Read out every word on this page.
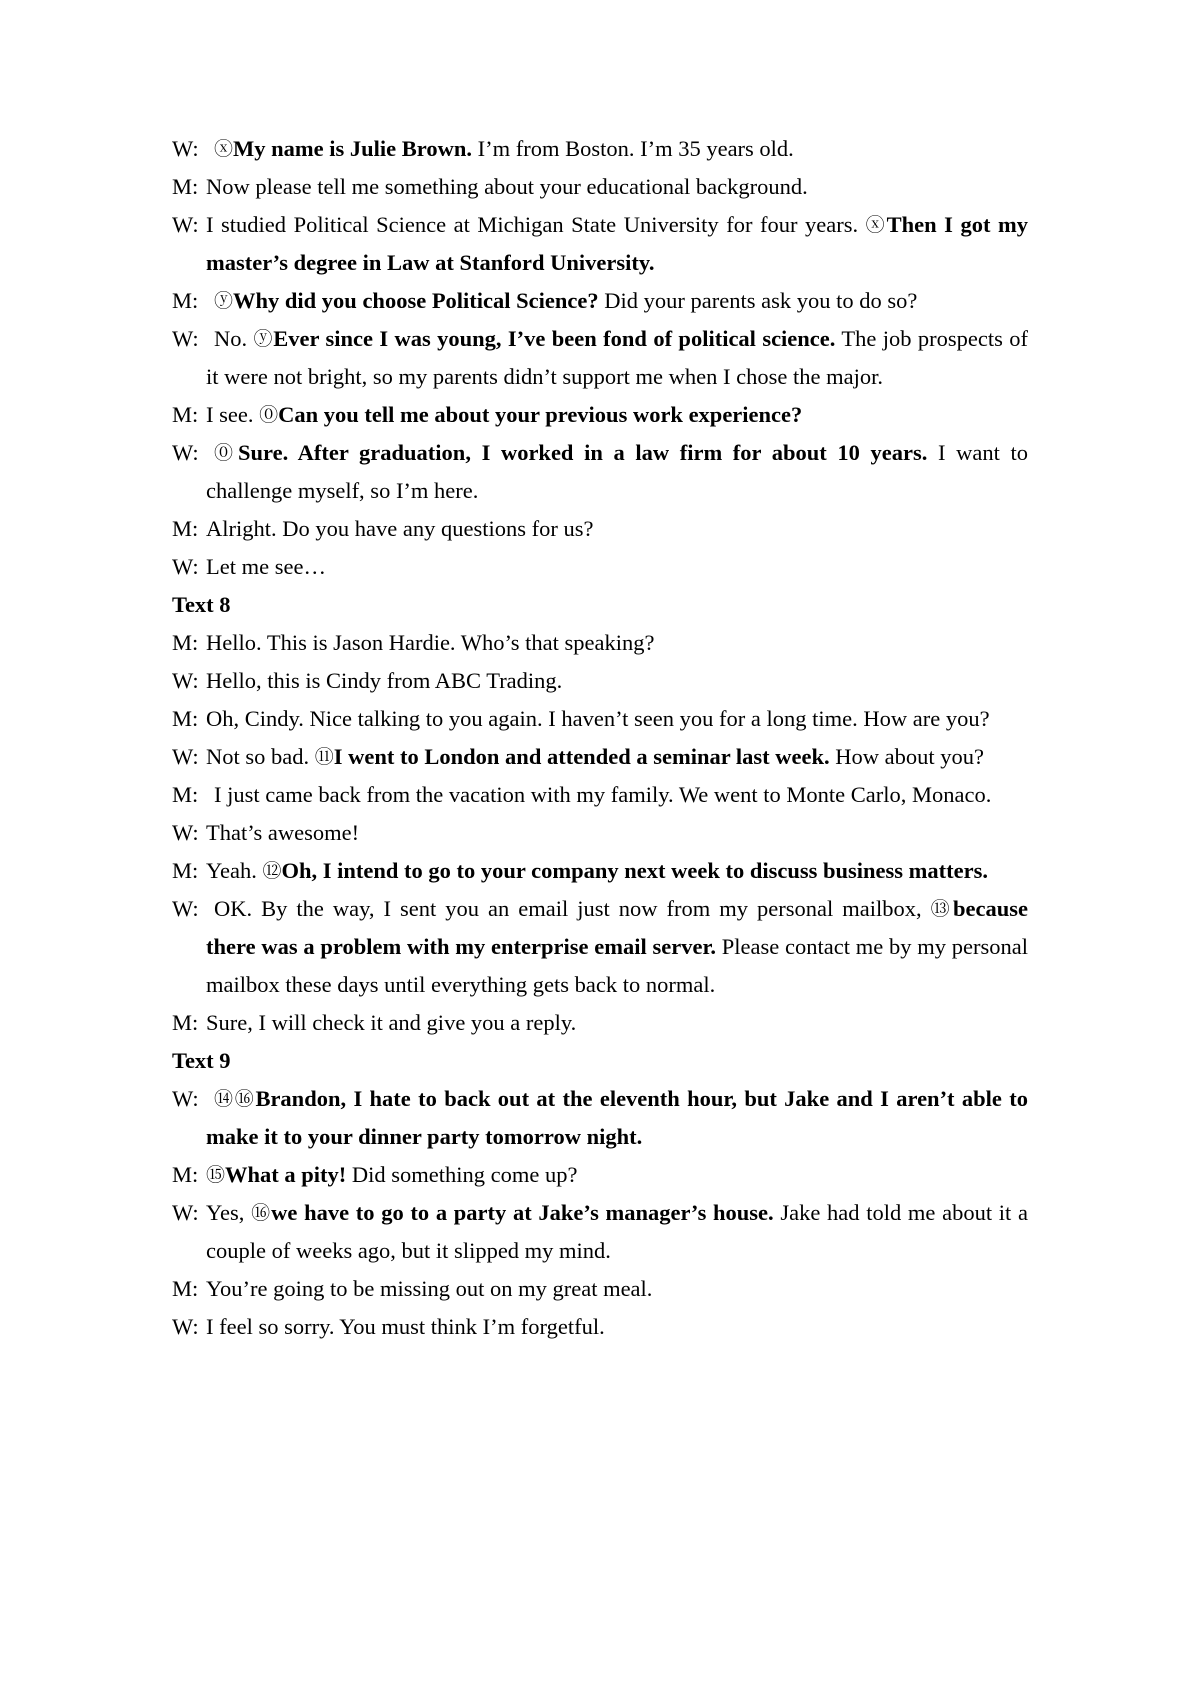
W: ⓧMy name is Julie Brown. I’m from Boston. I’m 35 years old.
M: Now please tell me something about your educational background.
W: I studied Political Science at Michigan State University for four years. ⓧThen I got my master’s degree in Law at Stanford University.
M: ⓨWhy did you choose Political Science? Did your parents ask you to do so?
W: No. ⓨEver since I was young, I’ve been fond of political science. The job prospects of it were not bright, so my parents didn’t support me when I chose the major.
M: I see. ⓪Can you tell me about your previous work experience?
W: ⓪Sure. After graduation, I worked in a law firm for about 10 years. I want to challenge myself, so I’m here.
M: Alright. Do you have any questions for us?
W: Let me see…
Text 8
M: Hello. This is Jason Hardie. Who’s that speaking?
W: Hello, this is Cindy from ABC Trading.
M: Oh, Cindy. Nice talking to you again. I haven’t seen you for a long time. How are you?
W: Not so bad. ⑪I went to London and attended a seminar last week. How about you?
M: I just came back from the vacation with my family. We went to Monte Carlo, Monaco.
W: That’s awesome!
M: Yeah. ⑫Oh, I intend to go to your company next week to discuss business matters.
W: OK. By the way, I sent you an email just now from my personal mailbox, ⑬because there was a problem with my enterprise email server. Please contact me by my personal mailbox these days until everything gets back to normal.
M: Sure, I will check it and give you a reply.
Text 9
W: ⑭⑯Brandon, I hate to back out at the eleventh hour, but Jake and I aren’t able to make it to your dinner party tomorrow night.
M: ⑮What a pity! Did something come up?
W: Yes, ⑯we have to go to a party at Jake’s manager’s house. Jake had told me about it a couple of weeks ago, but it slipped my mind.
M: You’re going to be missing out on my great meal.
W: I feel so sorry. You must think I’m forgetful.
